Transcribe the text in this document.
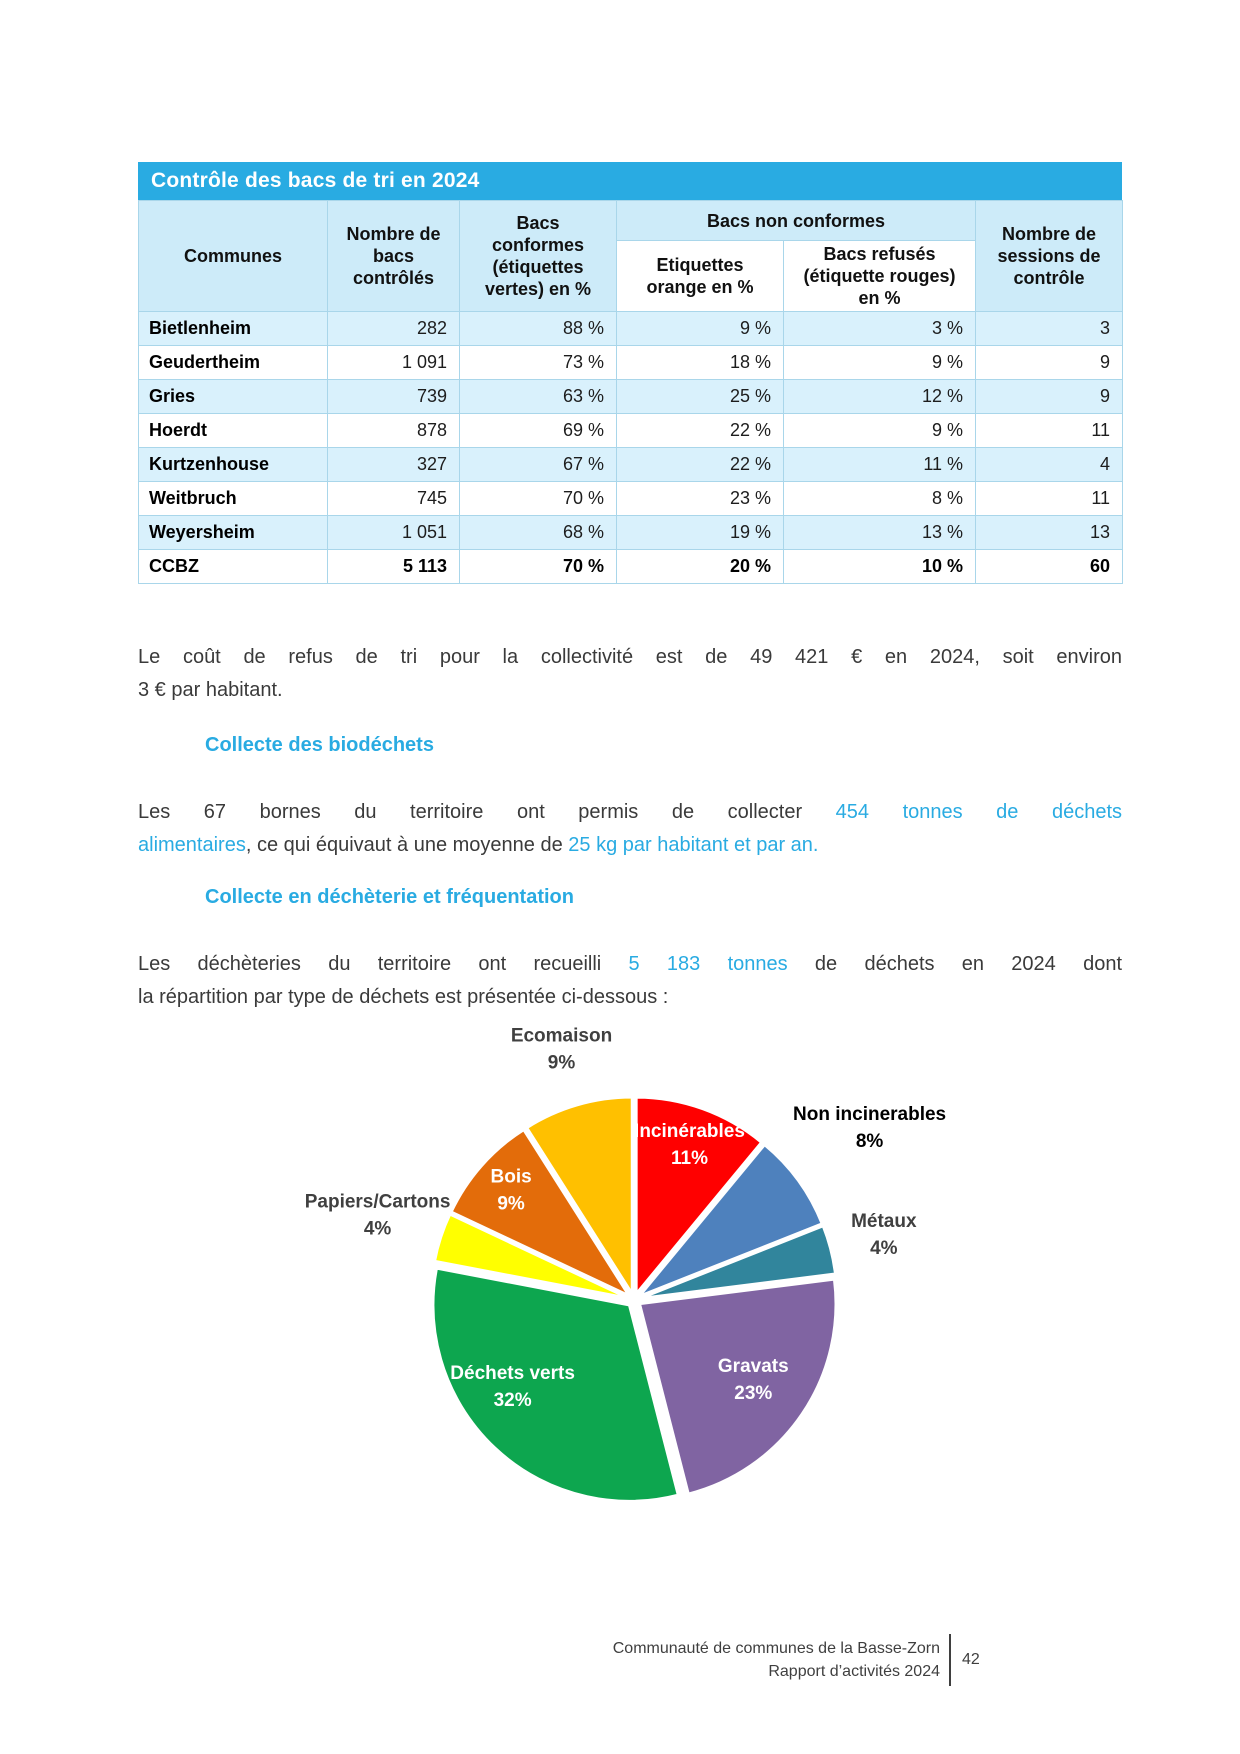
Contrôle des bacs de tri en 2024
Communes	Nombre de bacs contrôlés	Bacs conformes (étiquettes vertes) en %	Bacs non conformes		Nombre de sessions de contrôle
			Etiquettes orange en %	Bacs refusés (étiquette rouges) en %	
Bietlenheim	282	88 %	9 %	3 %	3
Geudertheim	1 091	73 %	18 %	9 %	9
Gries	739	63 %	25 %	12 %	9
Hoerdt	878	69 %	22 %	9 %	11
Kurtzenhouse	327	67 %	22 %	11 %	4
Weitbruch	745	70 %	23 %	8 %	11
Weyersheim	1 051	68 %	19 %	13 %	13
CCBZ	5 113	70 %	20 %	10 %	60
Le coût de refus de tri pour la collectivité est de 49 421 € en 2024, soit environ
3 € par habitant.
Collecte des biodéchets
Les 67 bornes du territoire ont permis de collecter 454 tonnes de déchets
alimentaires, ce qui équivaut à une moyenne de 25 kg par habitant et par an.
Collecte en déchèterie et fréquentation
Les déchèteries du territoire ont recueilli 5 183 tonnes de déchets en 2024 dont
la répartition par type de déchets est présentée ci-dessous :
Incinérables 11%
Non incinerables 8%
Métaux 4%
Gravats 23%
Déchets verts 32%
Papiers/Cartons 4%
Bois 9%
Ecomaison 9%
Communauté de communes de la Basse-Zorn
Rapport d’activités 2024
42
